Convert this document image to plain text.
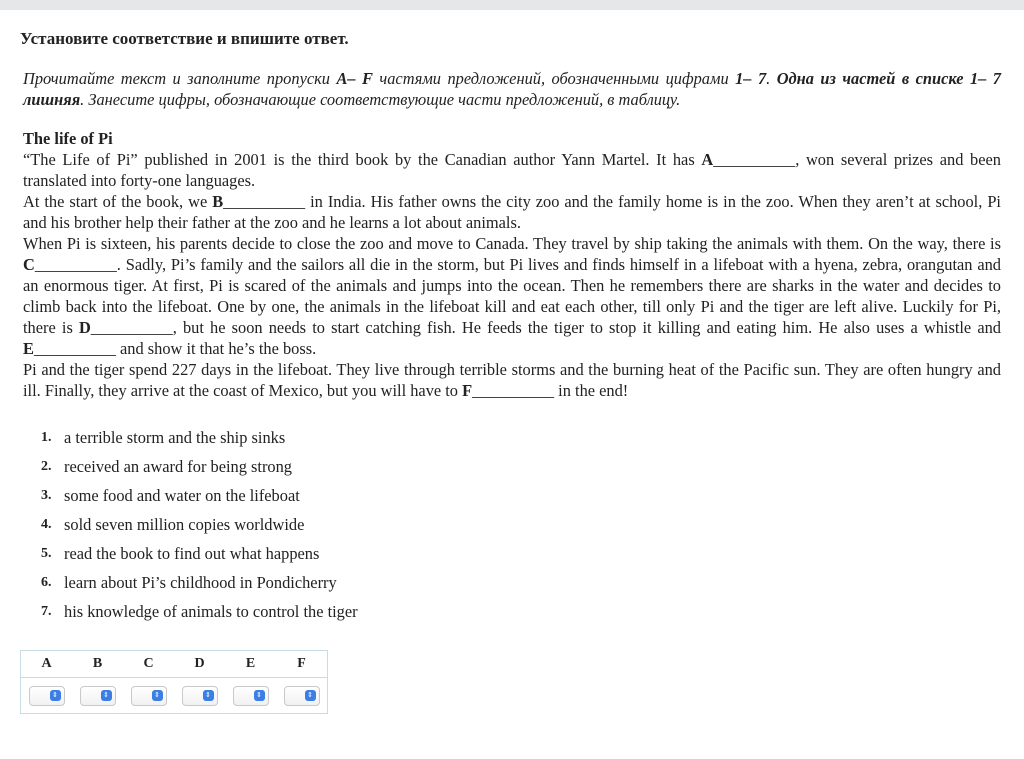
Установите соответствие и впишите ответ.
Прочитайте текст и заполните пропуски A– F частями предложений, обозначенными цифрами 1– 7. Одна из частей в списке 1– 7 лишняя. Занесите цифры, обозначающие соответствующие части предложений, в таблицу.
The life of Pi
“The Life of Pi” published in 2001 is the third book by the Canadian author Yann Martel. It has A__________, won several prizes and been translated into forty-one languages.
At the start of the book, we B__________ in India. His father owns the city zoo and the family home is in the zoo. When they aren’t at school, Pi and his brother help their father at the zoo and he learns a lot about animals.
When Pi is sixteen, his parents decide to close the zoo and move to Canada. They travel by ship taking the animals with them. On the way, there is C__________. Sadly, Pi’s family and the sailors all die in the storm, but Pi lives and finds himself in a lifeboat with a hyena, zebra, orangutan and an enormous tiger. At first, Pi is scared of the animals and jumps into the ocean. Then he remembers there are sharks in the water and decides to climb back into the lifeboat. One by one, the animals in the lifeboat kill and eat each other, till only Pi and the tiger are left alive. Luckily for Pi, there is D__________, but he soon needs to start catching fish. He feeds the tiger to stop it killing and eating him. He also uses a whistle and E__________ and show it that he’s the boss.
Pi and the tiger spend 227 days in the lifeboat. They live through terrible storms and the burning heat of the Pacific sun. They are often hungry and ill. Finally, they arrive at the coast of Mexico, but you will have to F__________ in the end!
1. a terrible storm and the ship sinks
2. received an award for being strong
3. some food and water on the lifeboat
4. sold seven million copies worldwide
5. read the book to find out what happens
6. learn about Pi’s childhood in Pondicherry
7. his knowledge of animals to control the tiger
A	B	C	D	E	F

⇕	⇕	⇕	⇕	⇕	⇕
